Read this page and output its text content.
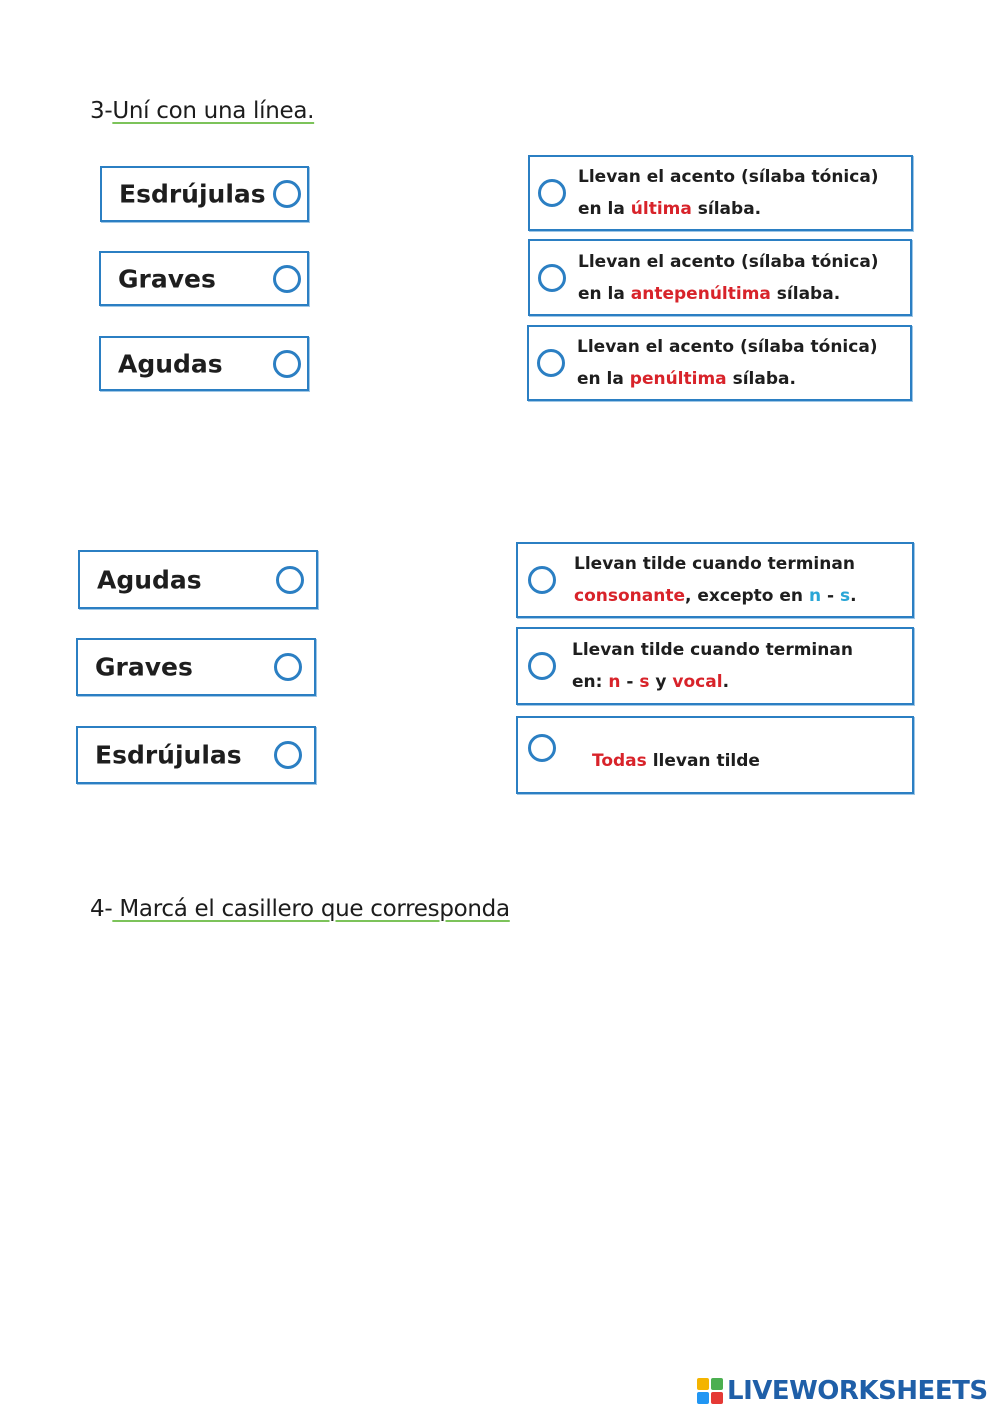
3-Uní con una línea.
Esdrújulas
Graves
Agudas
Llevan el acento (sílaba tónica)
en la última sílaba.
Llevan el acento (sílaba tónica)
en la antepenúltima sílaba.
Llevan el acento (sílaba tónica)
en la penúltima sílaba.
Agudas
Graves
Esdrújulas
Llevan tilde cuando terminan
consonante, excepto en n - s.
Llevan tilde cuando terminan
en: n - s y vocal.
Todas llevan tilde
4- Marcá el casillero que corresponda
LIVEWORKSHEETS
